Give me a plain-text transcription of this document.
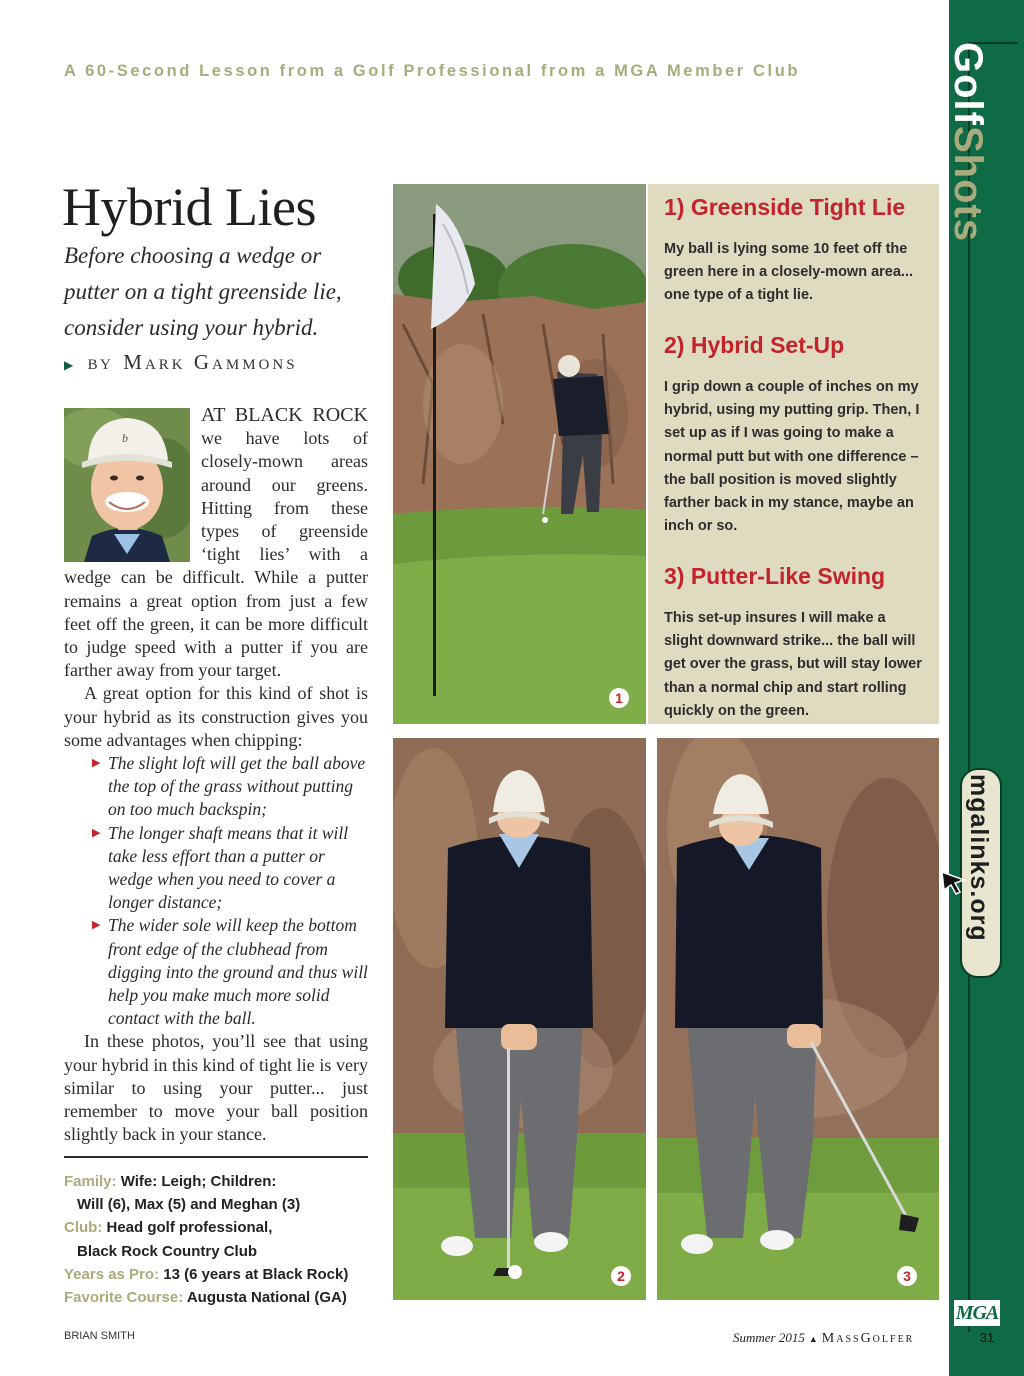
A 60-Second Lesson from a Golf Professional from a MGA Member Club
Hybrid Lies
Before choosing a wedge or putter on a tight greenside lie, consider using your hybrid.
▶ BY Mark Gammons
b

AT BLACK ROCK we have lots of closely-mown areas around our greens. Hitting from these types of greenside ‘tight lies’ with a wedge can be difficult. While a putter remains a great option from just a few feet off the green, it can be more difficult to judge speed with a putter if you are farther away from your target.

A great option for this kind of shot is your hybrid as its construction gives you some advantages when chipping:

▶ The slight loft will get the ball above the top of the grass without putting on too much backspin;
▶ The longer shaft means that it will take less effort than a putter or wedge when you need to cover a longer distance;
▶ The wider sole will keep the bottom front edge of the clubhead from digging into the ground and thus will help you make much more solid contact with the ball.

In these photos, you’ll see that using your hybrid in this kind of tight lie is very similar to using your putter... just remember to move your ball position slightly back in your stance.

Family: Wife: Leigh; Children:
Will (6), Max (5) and Meghan (3)
Club: Head golf professional,
Black Rock Country Club
Years as Pro: 13 (6 years at Black Rock)
Favorite Course: Augusta National (GA)
1
1) Greenside Tight Lie

My ball is lying some 10 feet off the green here in a closely-mown area... one type of a tight lie.

2) Hybrid Set-Up

I grip down a couple of inches on my hybrid, using my putting grip. Then, I set up as if I was going to make a normal putt but with one difference – the ball position is moved slightly farther back in my stance, maybe an inch or so.

3) Putter-Like Swing

This set-up insures I will make a slight downward strike... the ball will get over the grass, but will stay lower than a normal chip and start rolling quickly on the green.

2	3
GolfShots
mgalinks.org
MGA
31
BRIAN SMITH	Summer 2015 ▲ MassGolfer
